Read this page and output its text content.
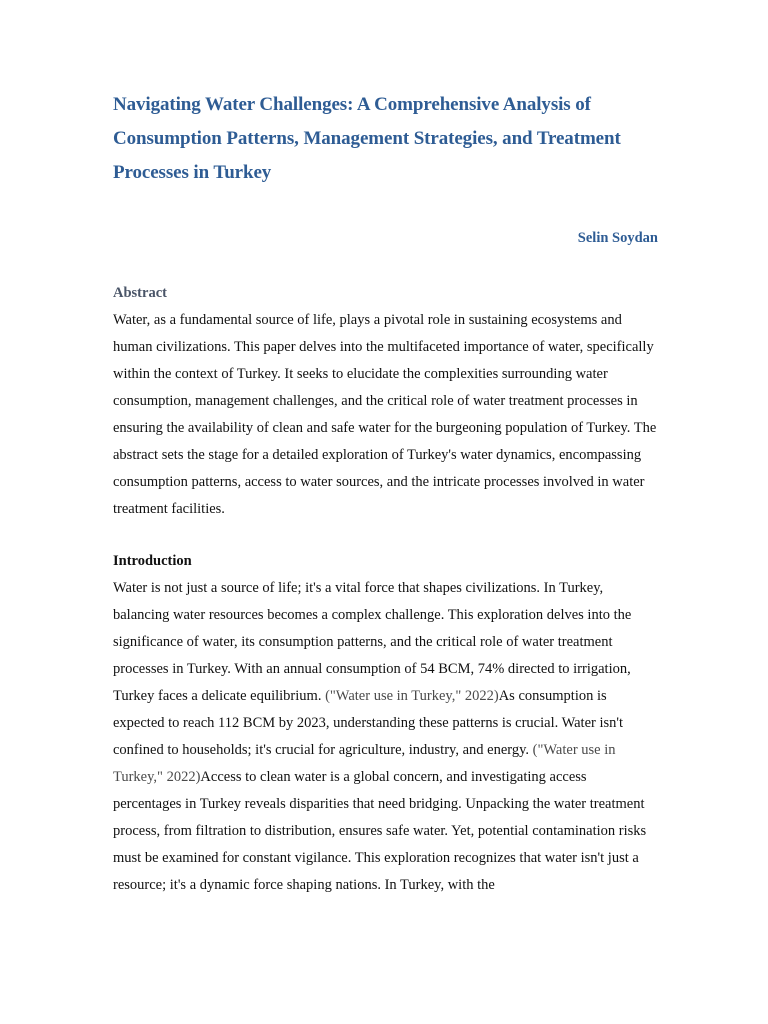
Navigating Water Challenges: A Comprehensive Analysis of Consumption Patterns, Management Strategies, and Treatment Processes in Turkey
Selin Soydan
Abstract

Water, as a fundamental source of life, plays a pivotal role in sustaining ecosystems and human civilizations. This paper delves into the multifaceted importance of water, specifically within the context of Turkey. It seeks to elucidate the complexities surrounding water consumption, management challenges, and the critical role of water treatment processes in ensuring the availability of clean and safe water for the burgeoning population of Turkey. The abstract sets the stage for a detailed exploration of Turkey's water dynamics, encompassing consumption patterns, access to water sources, and the intricate processes involved in water treatment facilities.

Introduction

Water is not just a source of life; it's a vital force that shapes civilizations. In Turkey, balancing water resources becomes a complex challenge. This exploration delves into the significance of water, its consumption patterns, and the critical role of water treatment processes in Turkey. With an annual consumption of 54 BCM, 74% directed to irrigation, Turkey faces a delicate equilibrium. ("Water use in Turkey," 2022)As consumption is expected to reach 112 BCM by 2023, understanding these patterns is crucial. Water isn't confined to households; it's crucial for agriculture, industry, and energy. ("Water use in Turkey," 2022)Access to clean water is a global concern, and investigating access percentages in Turkey reveals disparities that need bridging. Unpacking the water treatment process, from filtration to distribution, ensures safe water. Yet, potential contamination risks must be examined for constant vigilance. This exploration recognizes that water isn't just a resource; it's a dynamic force shaping nations. In Turkey, with the
